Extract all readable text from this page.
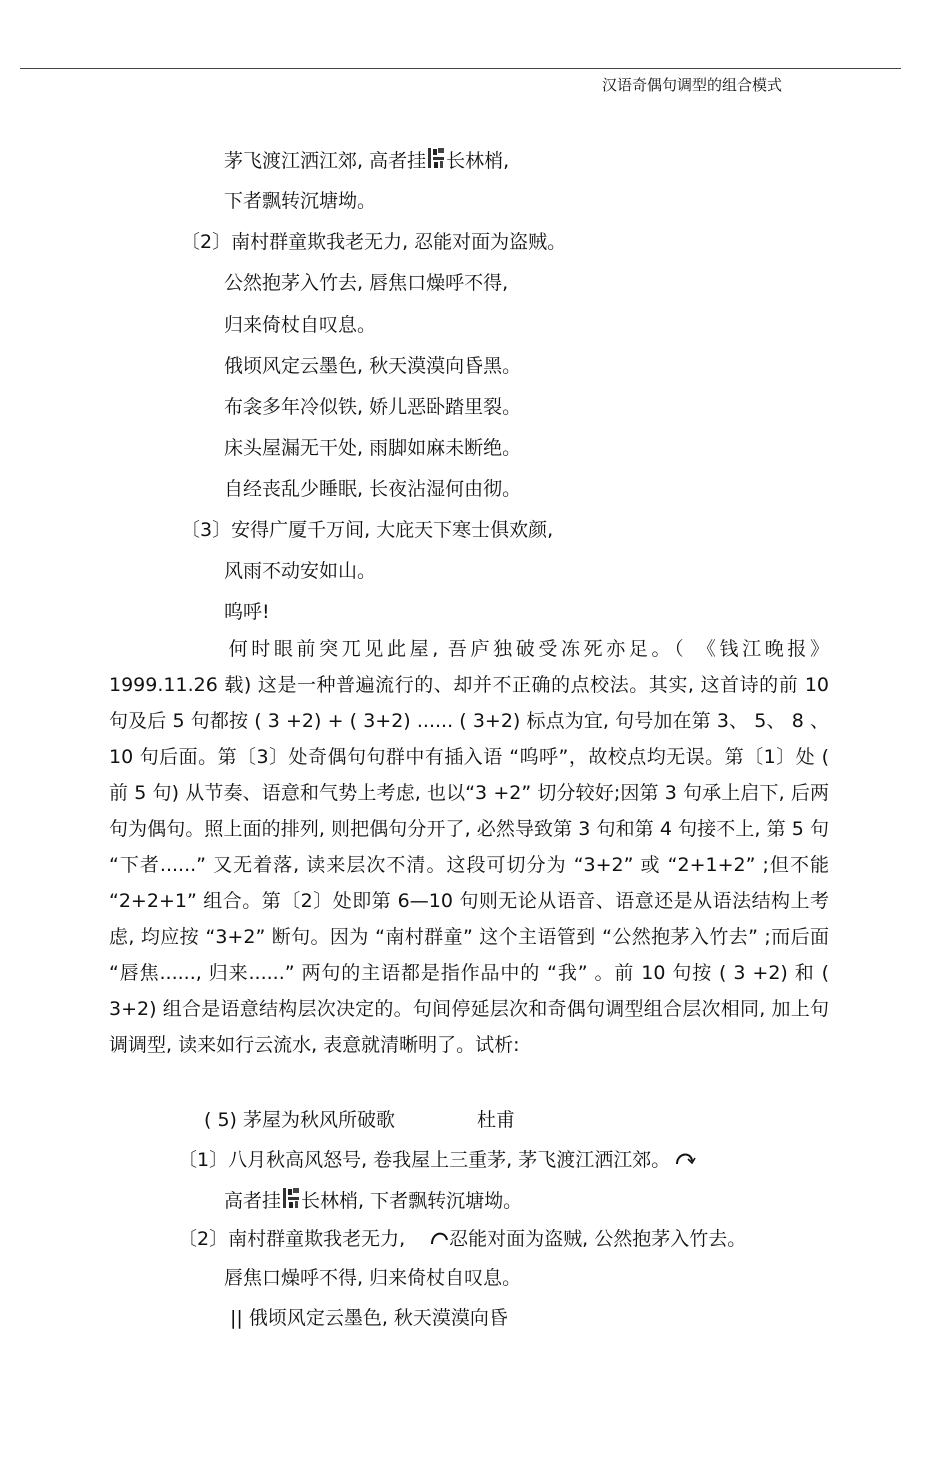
汉语奇偶句调型的组合模式
茅飞渡江洒江郊, 高者挂 长林梢,
下者飘转沉塘坳。
〔2〕南村群童欺我老无力, 忍能对面为盗贼。
公然抱茅入竹去, 唇焦口燥呼不得,
归来倚杖自叹息。
俄顷风定云墨色, 秋天漠漠向昏黑。
布衾多年冷似铁, 娇儿恶卧踏里裂。
床头屋漏无干处, 雨脚如麻未断绝。
自经丧乱少睡眠, 长夜沾湿何由彻。
〔3〕安得广厦千万间, 大庇天下寒士俱欢颜,
风雨不动安如山。
呜呼!
何时眼前突兀见此屋, 吾庐独破受冻死亦足。（ 《钱江晚报》 1999.11.26 载) 这是一种普遍流行的、却并不正确的点校法。其实, 这首诗的前 10 句及后 5 句都按 ( 3 +2) + ( 3+2) ...... ( 3+2) 标点为宜, 句号加在第 3、 5、 8 、 10 句后面。第〔3〕处奇偶句句群中有插入语 “呜呼”，故校点均无误。第〔1〕处 ( 前 5 句) 从节奏、语意和气势上考虑, 也以“3 +2” 切分较好;因第 3 句承上启下, 后两句为偶句。照上面的排列, 则把偶句分开了, 必然导致第 3 句和第 4 句接不上, 第 5 句 “下者......” 又无着落, 读来层次不清。这段可切分为 “3+2” 或 “2+1+2” ;但不能 “2+2+1” 组合。第〔2〕处即第 6—10 句则无论从语音、语意还是从语法结构上考虑, 均应按 “3+2” 断句。因为 “南村群童” 这个主语管到 “公然抱茅入竹去” ;而后面 “唇焦......, 归来......” 两句的主语都是指作品中的 “我” 。前 10 句按 ( 3 +2) 和 ( 3+2) 组合是语意结构层次决定的。句间停延层次和奇偶句调型组合层次相同, 加上句调调型, 读来如行云流水, 表意就清晰明了。试析:
( 5) 茅屋为秋风所破歌	杜甫
〔1〕八月秋高风怒号, 卷我屋上三重茅, 茅飞渡江洒江郊。
高者挂 长林梢, 下者飘转沉塘坳。
〔2〕南村群童欺我老无力, 忍能对面为盗贼, 公然抱茅入竹去。
唇焦口燥呼不得, 归来倚杖自叹息。
|| 俄顷风定云墨色, 秋天漠漠向昏
